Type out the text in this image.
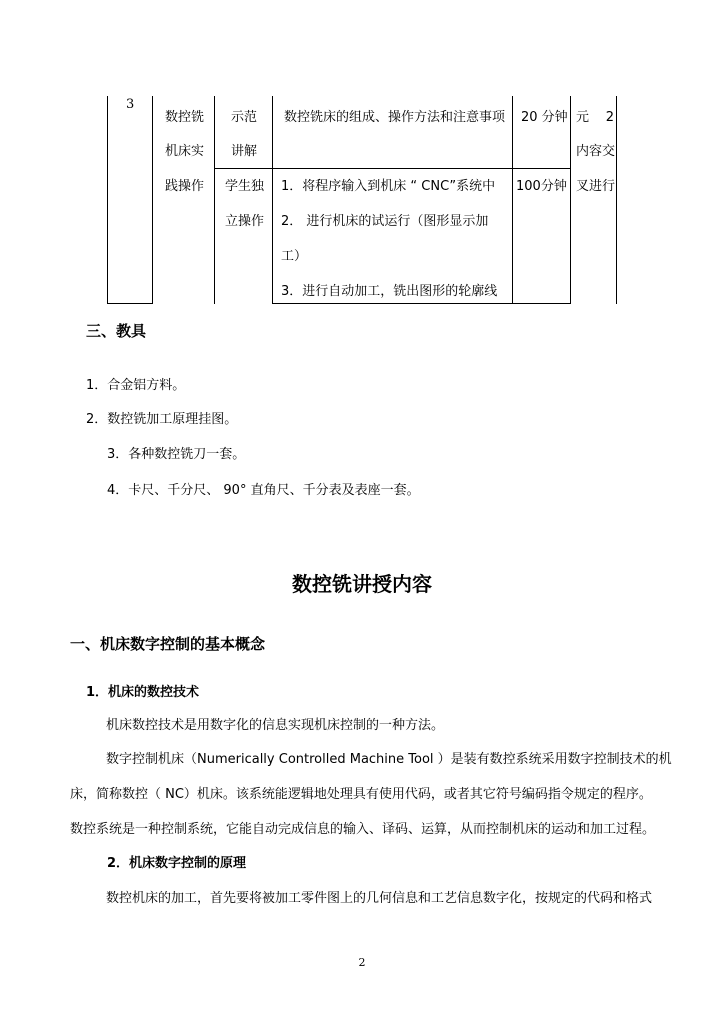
3
数控铣
机床实
践操作
示范
讲解
学生独
立操作
数控铣床的组成、操作方法和注意事项
1．将程序输入到机床 “ CNC”系统中
2． 进行机床的试运行（图形显示加
工）
3．进行自动加工，铣出图形的轮廓线
20 分钟
100分钟
元 2
内容交
叉进行
三、教具
1．合金铝方料。
2．数控铣加工原理挂图。
3．各种数控铣刀一套。
4．卡尺、千分尺、 90° 直角尺、千分表及表座一套。
数控铣讲授内容
一、机床数字控制的基本概念
1．机床的数控技术
机床数控技术是用数字化的信息实现机床控制的一种方法。
数字控制机床（Numerically Controlled Machine Tool ）是装有数控系统采用数字控制技术的机
床，简称数控（ NC）机床。该系统能逻辑地处理具有使用代码，或者其它符号编码指令规定的程序。
数控系统是一种控制系统，它能自动完成信息的输入、译码、运算，从而控制机床的运动和加工过程。
2．机床数字控制的原理
数控机床的加工，首先要将被加工零件图上的几何信息和工艺信息数字化，按规定的代码和格式
2
